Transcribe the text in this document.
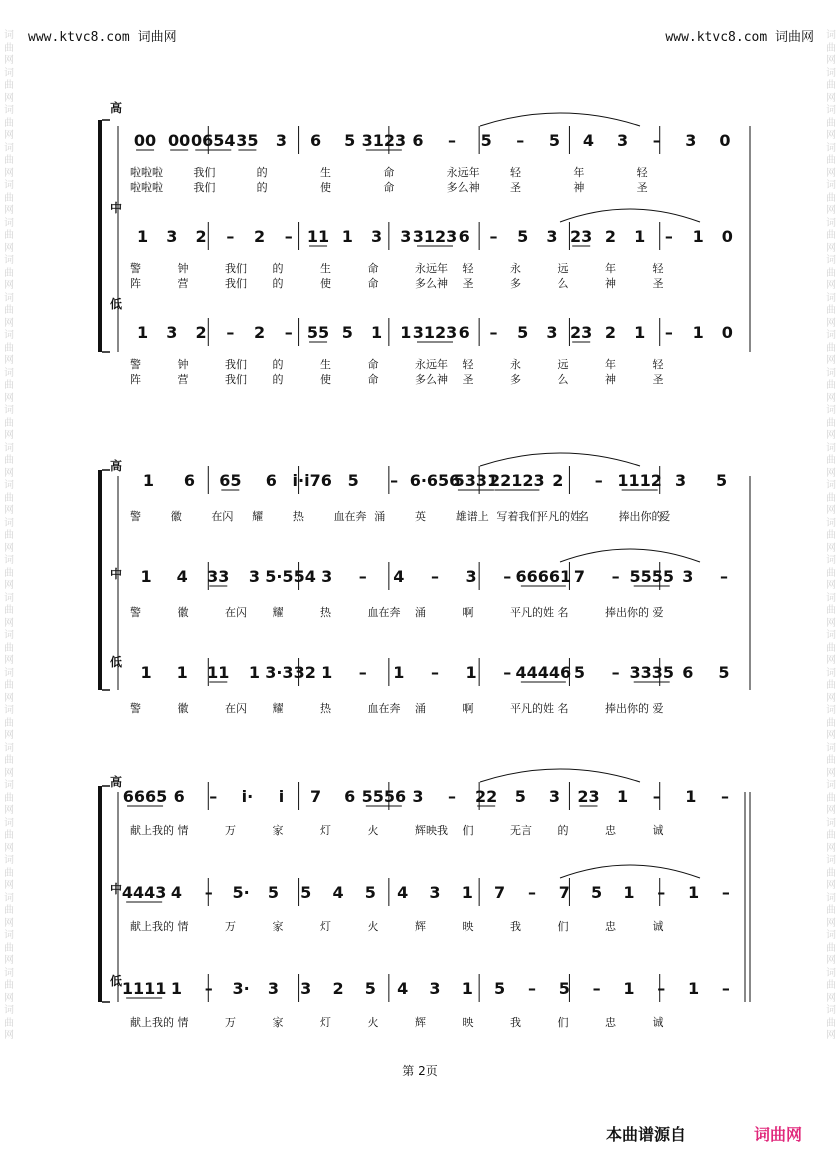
词
曲
网
词
曲
网
词
曲
网
词
曲
网
词
曲
网
词
曲
网
词
曲
网
词
曲
网
词
曲
网
词
曲
网
词
曲
网
词
曲
网
词
曲
网
词
曲
网
词
曲
网
词
曲
网
词
曲
网
词
曲
网
词
曲
网
词
曲
网
词
曲
网
词
曲
网
词
曲
网
词
曲
网
词
曲
网
词
曲
网
词
曲
网
词
曲
网
词
曲
网
词
曲
网
词
曲
网
词
曲
网
词
曲
网
词
曲
网
词
曲
网
词
曲
网
词
曲
网
词
曲
网
词
曲
网
词
曲
网
词
曲
网
词
曲
网
词
曲
网
词
曲
网
词
曲
网
词
曲
网
词
曲
网
词
曲
网
词
曲
网
词
曲
网
词
曲
网
词
曲
网
词
曲
网
词
曲
网
www.ktvc8.com 词曲网	www.ktvc8.com 词曲网
高
00 00 0654 35 3 6 5 3123 6 – 5 – 5 4 3 – 3 0
啦啦啦	我们	的	生	命	永远年	轻	年	轻
啦啦啦	我们	的	使	命	多么神	圣	神	圣
中
1 3 2 – 2 – 11 1 3 3 3123 6 – 5 3 23 2 1 – 1 0
警	钟	我们 的	生	命	永远年 轻	永	远	年	轻
阵	营	我们 的	使	命	多么神 圣	多	么	神	圣
低
1 3 2 – 2 – 55 5 1 1 3123 6 – 5 3 23 2 1 – 1 0
警	钟	我们 的	生	命	永远年 轻	永	远	年	轻
阵	营	我们 的	使	命	多么神 圣	多	么	神	圣
高
1 6 65 6 i·i76 5 – 6·656
5331
22123 2 – 1112 3 5
警	徽	在闪 耀	热	血在奔 涌	英	雄谱上 写着我们
平凡的姓
名	捧出你的
爱
中 1 4 33 3 5·554 3 – 4 – 3 – 66661 7 – 5555 3 –
警	徽	在闪 耀	热	血在奔 涌	啊	平凡的姓 名	捧出你的 爱
低
1 1 11 1 3·332 1 – 1 – 1 – 44446 5 – 3335 6 5
警	徽	在闪 耀	热	血在奔 涌	啊	平凡的姓 名	捧出你的 爱
高
6665 6 – i· i 7 6 5556 3 – 22 5 3 23 1 – 1 –
献上我的 情	万	家	灯	火	辉映我 们	无言 的	忠	诚
中 4443 4 – 5· 5 5 4 5 4 3 1 7 – 7 5 1 – 1 –
献上我的 情	万	家	灯	火	辉	映	我	们	忠	诚
低 1111 1 – 3· 3 3 2 5 4 3 1 5 – 5 – 1 – 1 –
献上我的 情	万	家	灯	火	辉	映	我	们	忠	诚
第 2页
本曲谱源自	词曲网
